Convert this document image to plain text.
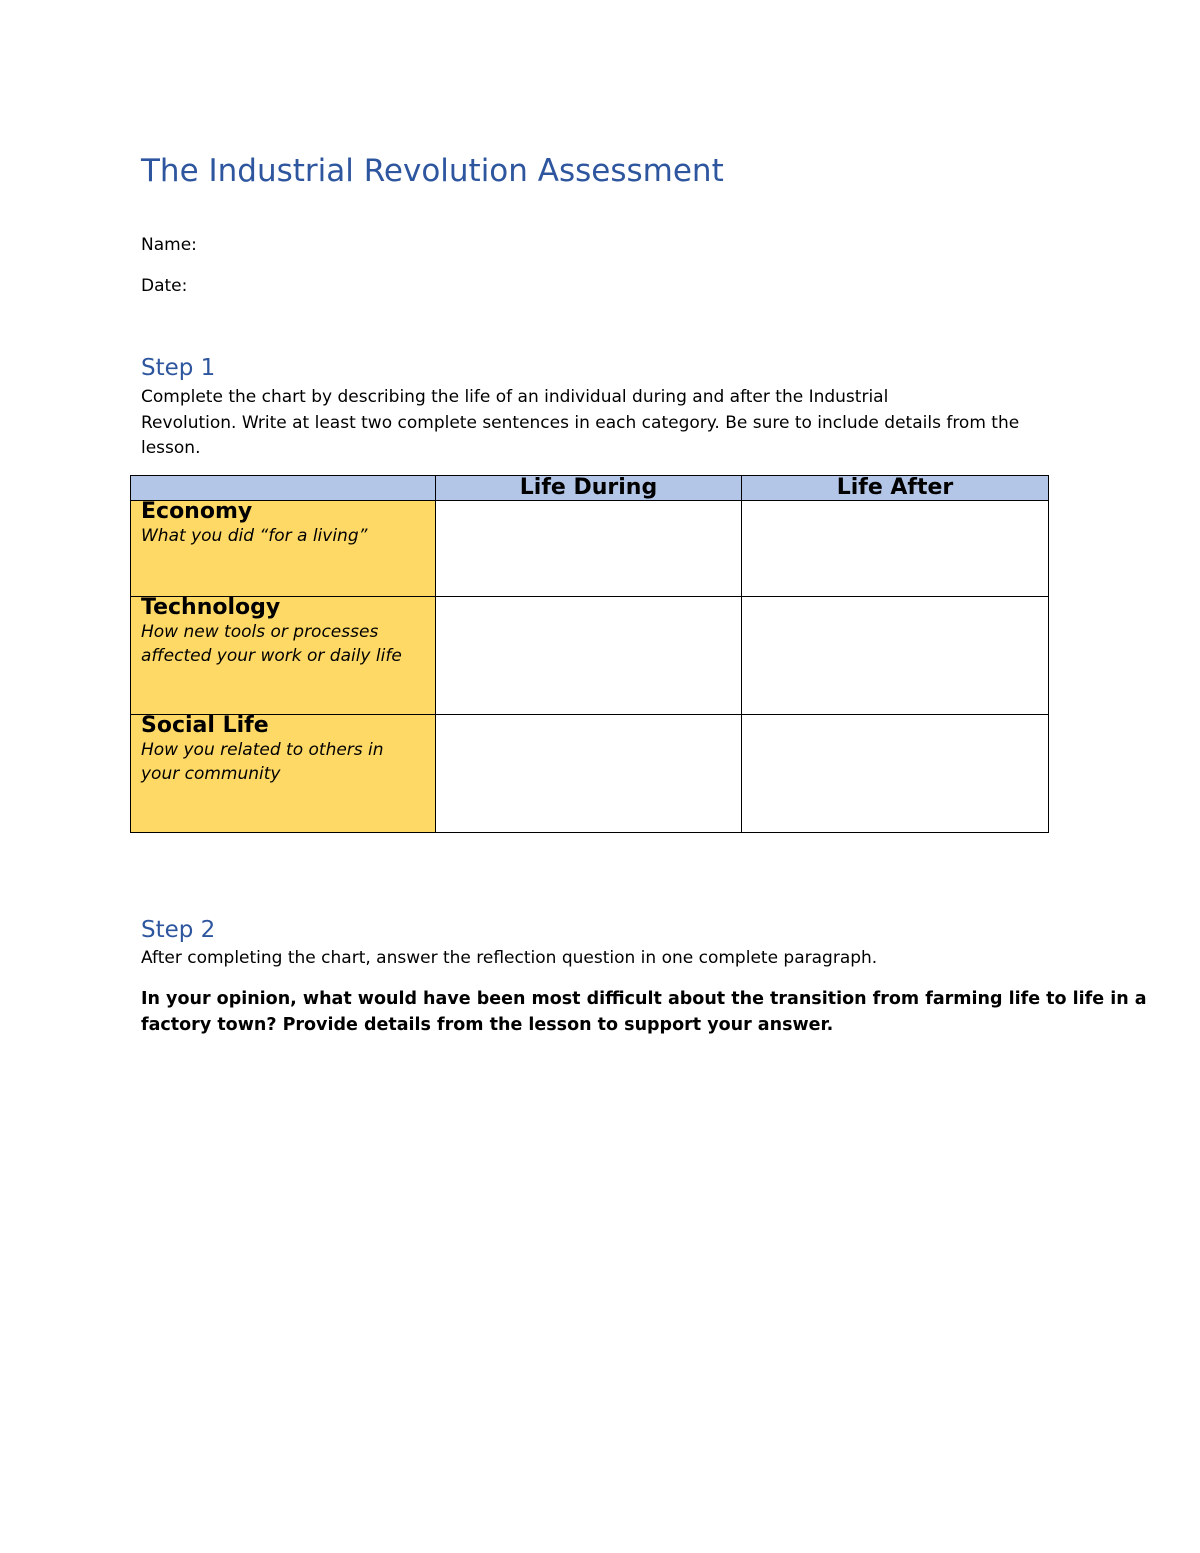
The Industrial Revolution Assessment
Name:
Date:
Step 1
Complete the chart by describing the life of an individual during and after the Industrial
Revolution. Write at least two complete sentences in each category. Be sure to include details from the
lesson.
	Life During	Life After

Economy
What you did “for a living”		

Technology
How new tools or processes affected your work or daily life		

Social Life
How you related to others in your community		

Step 2
After completing the chart, answer the reflection question in one complete paragraph.
In your opinion, what would have been most difficult about the transition from farming life to life in a
factory town? Provide details from the lesson to support your answer.
